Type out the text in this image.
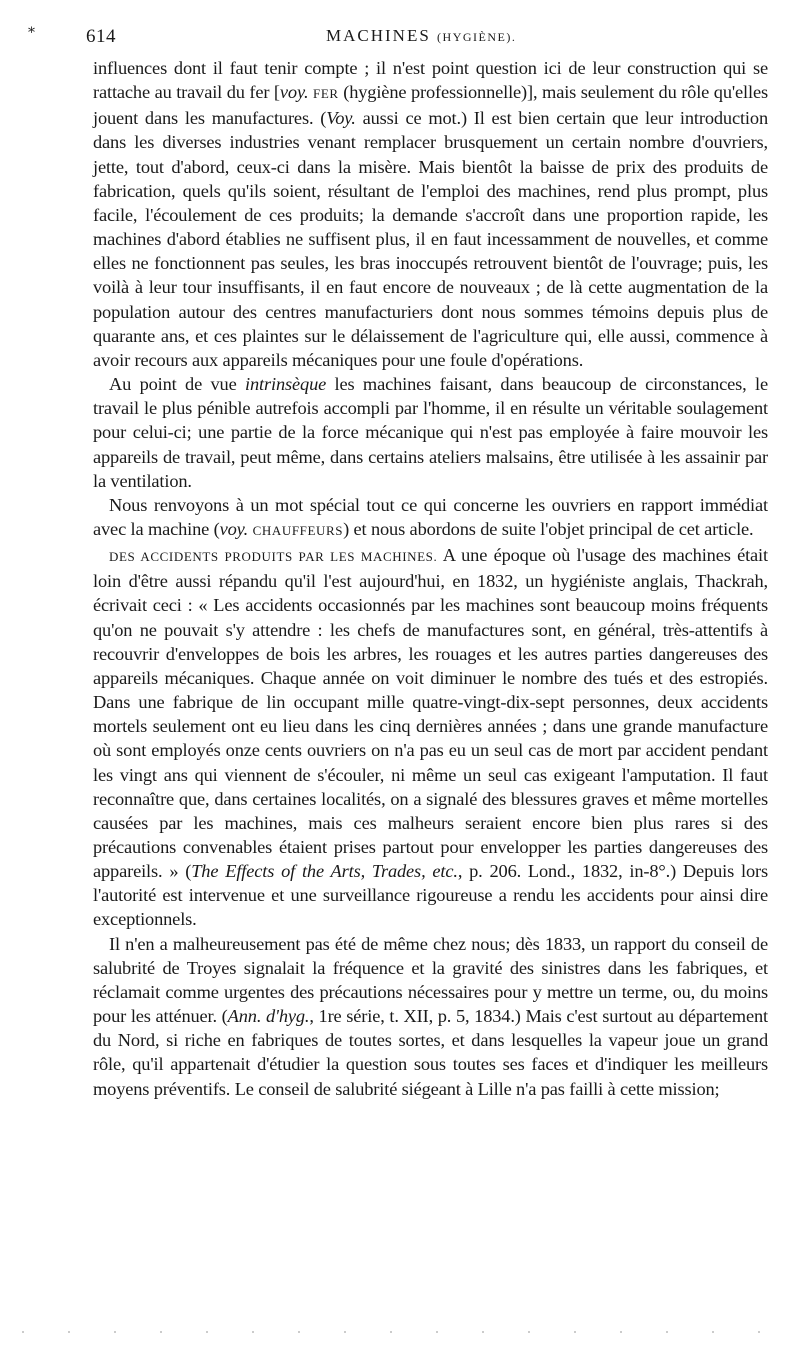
*	614	MACHINES (HYGIÈNE).

influences dont il faut tenir compte ; il n'est point question ici de leur construction qui se rattache au travail du fer [voy. FER (hygiène professionnelle)], mais seulement du rôle qu'elles jouent dans les manufactures. (Voy. aussi ce mot.) Il est bien certain que leur introduction dans les diverses industries venant remplacer brusquement un certain nombre d'ouvriers, jette, tout d'abord, ceux-ci dans la misère. Mais bientôt la baisse de prix des produits de fabrication, quels qu'ils soient, résultant de l'emploi des machines, rend plus prompt, plus facile, l'écoulement de ces produits; la demande s'accroît dans une proportion rapide, les machines d'abord établies ne suffisent plus, il en faut incessamment de nouvelles, et comme elles ne fonctionnent pas seules, les bras inoccupés retrouvent bientôt de l'ouvrage; puis, les voilà à leur tour insuffisants, il en faut encore de nouveaux ; de là cette augmentation de la population autour des centres manufacturiers dont nous sommes témoins depuis plus de quarante ans, et ces plaintes sur le délaissement de l'agriculture qui, elle aussi, commence à avoir recours aux appareils mécaniques pour une foule d'opérations.

Au point de vue intrinsèque les machines faisant, dans beaucoup de circonstances, le travail le plus pénible autrefois accompli par l'homme, il en résulte un véritable soulagement pour celui-ci; une partie de la force mécanique qui n'est pas employée à faire mouvoir les appareils de travail, peut même, dans certains ateliers malsains, être utilisée à les assainir par la ventilation.

Nous renvoyons à un mot spécial tout ce qui concerne les ouvriers en rapport immédiat avec la machine (voy. CHAUFFEURS) et nous abordons de suite l'objet principal de cet article.

DES ACCIDENTS PRODUITS PAR LES MACHINES. A une époque où l'usage des machines était loin d'être aussi répandu qu'il l'est aujourd'hui, en 1832, un hygiéniste anglais, Thackrah, écrivait ceci : « Les accidents occasionnés par les machines sont beaucoup moins fréquents qu'on ne pouvait s'y attendre : les chefs de manufactures sont, en général, très-attentifs à recouvrir d'enveloppes de bois les arbres, les rouages et les autres parties dangereuses des appareils mécaniques. Chaque année on voit diminuer le nombre des tués et des estropiés. Dans une fabrique de lin occupant mille quatre-vingt-dix-sept personnes, deux accidents mortels seulement ont eu lieu dans les cinq dernières années ; dans une grande manufacture où sont employés onze cents ouvriers on n'a pas eu un seul cas de mort par accident pendant les vingt ans qui viennent de s'écouler, ni même un seul cas exigeant l'amputation. Il faut reconnaître que, dans certaines localités, on a signalé des blessures graves et même mortelles causées par les machines, mais ces malheurs seraient encore bien plus rares si des précautions convenables étaient prises partout pour envelopper les parties dangereuses des appareils. » (The Effects of the Arts, Trades, etc., p. 206. Lond., 1832, in-8°.) Depuis lors l'autorité est intervenue et une surveillance rigoureuse a rendu les accidents pour ainsi dire exceptionnels.

Il n'en a malheureusement pas été de même chez nous; dès 1833, un rapport du conseil de salubrité de Troyes signalait la fréquence et la gravité des sinistres dans les fabriques, et réclamait comme urgentes des précautions nécessaires pour y mettre un terme, ou, du moins pour les atténuer. (Ann. d'hyg., 1re série, t. XII, p. 5, 1834.) Mais c'est surtout au département du Nord, si riche en fabriques de toutes sortes, et dans lesquelles la vapeur joue un grand rôle, qu'il appartenait d'étudier la question sous toutes ses faces et d'indiquer les meilleurs moyens préventifs. Le conseil de salubrité siégeant à Lille n'a pas failli à cette mission;
